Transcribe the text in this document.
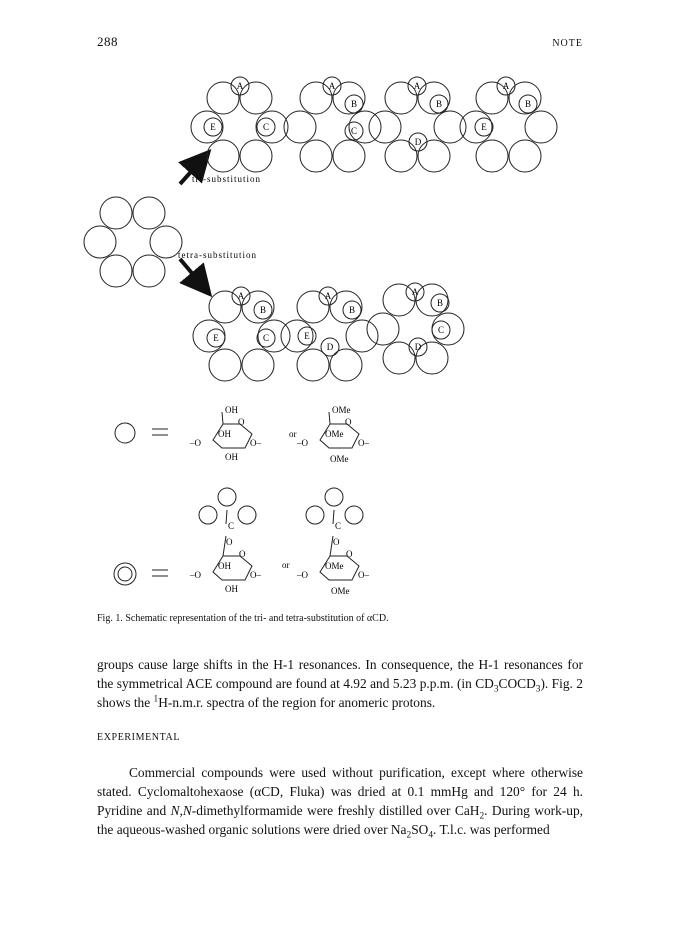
288	NOTE
tri-substitution
tetra-substitution
A
C
E
A
B
C
A
B
D
A
B
E
A
B
C
E
A
B
D
E
A
B
C
D
OH
O
OH
–O	O–
OH
or
OMe
O
OMe
–O	O–
OMe
C
O
O
OH
–O	O–
OH
or
C
O
O
OMe
–O	O–
OMe
Fig. 1. Schematic representation of the tri- and tetra-substitution of αCD.
groups cause large shifts in the H-1 resonances. In consequence, the H-1 resonances for the symmetrical ACE compound are found at 4.92 and 5.23 p.p.m. (in $CD_3COCD_3$). Fig. 2 shows the $^1$H-n.m.r. spectra of the region for anomeric protons.
EXPERIMENTAL
Commercial compounds were used without purification, except where otherwise stated. Cyclomaltohexaose (αCD, Fluka) was dried at 0.1 mmHg and 120° for 24 h. Pyridine and N,N-dimethylformamide were freshly distilled over CaH$_2$. During work-up, the aqueous-washed organic solutions were dried over $Na_2SO_4$. T.l.c. was performed
